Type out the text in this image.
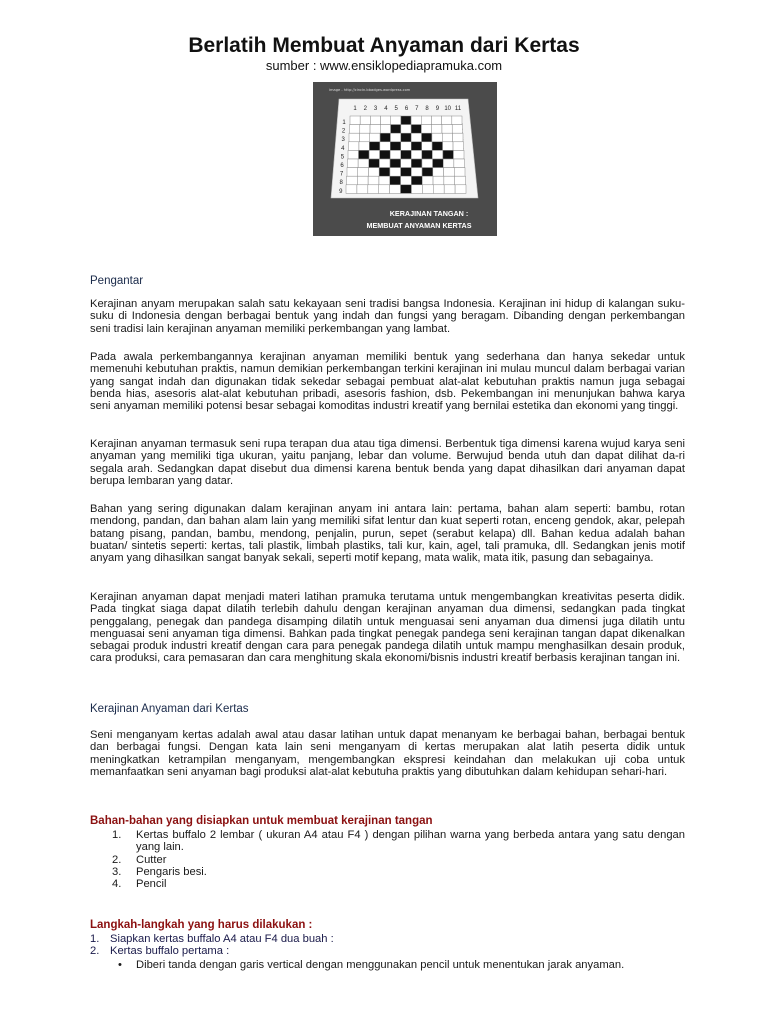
Berlatih Membuat Anyaman dari Kertas
sumber : www.ensiklopediapramuka.com
image - http://cincin.bbadges.wordpress.com
1 2 3 4 5 6 7 8 9 10 11
1
2
3
4
5
6
7
8
9
KERAJINAN TANGAN :
MEMBUAT ANYAMAN KERTAS
Pengantar

Kerajinan anyam merupakan salah satu kekayaan seni tradisi bangsa Indonesia. Kerajinan ini hidup di kalangan suku-suku di Indonesia dengan berbagai bentuk yang indah dan fungsi yang beragam. Dibanding dengan perkembangan seni tradisi lain kerajinan anyaman memiliki perkembangan yang lambat.

Pada awala perkembangannya kerajinan anyaman memiliki bentuk yang sederhana dan hanya sekedar untuk memenuhi kebutuhan praktis, namun demikian perkembangan terkini kerajinan ini mulau muncul dalam berbagai varian yang sangat indah dan digunakan tidak sekedar sebagai pembuat alat-alat kebutuhan praktis namun juga sebagai benda hias, asesoris alat-alat kebutuhan pribadi, asesoris fashion, dsb. Pekembangan ini menunjukan bahwa karya seni anyaman memiliki potensi besar sebagai komoditas industri kreatif yang bernilai estetika dan ekonomi yang tinggi.

Kerajinan anyaman termasuk seni rupa terapan dua atau tiga dimensi. Berbentuk tiga dimensi karena wujud karya seni anyaman yang memiliki tiga ukuran, yaitu panjang, lebar dan volume. Berwujud benda utuh dan dapat dilihat da-ri segala arah. Sedangkan dapat disebut dua dimensi karena bentuk benda yang dapat dihasilkan dari anyaman dapat berupa lembaran yang datar.

Bahan yang sering digunakan dalam kerajinan anyam ini antara lain: pertama, bahan alam seperti: bambu, rotan mendong, pandan, dan bahan alam lain yang memiliki sifat lentur dan kuat seperti rotan, enceng gendok, akar, pelepah batang pisang, pandan, bambu, mendong, penjalin, purun, sepet (serabut kelapa) dll. Bahan kedua adalah bahan buatan/ sintetis seperti: kertas, tali plastik, limbah plastiks, tali kur, kain, agel, tali pramuka, dll. Sedangkan jenis motif anyam yang dihasilkan sangat banyak sekali, seperti motif kepang, mata walik, mata itik, pasung dan sebagainya.

Kerajinan anyaman dapat menjadi materi latihan pramuka terutama untuk mengembangkan kreativitas peserta didik. Pada tingkat siaga dapat dilatih terlebih dahulu dengan kerajinan anyaman dua dimensi, sedangkan pada tingkat penggalang, penegak dan pandega disamping dilatih untuk menguasai seni anyaman dua dimensi juga dilatih untu menguasai seni anyaman tiga dimensi. Bahkan pada tingkat penegak pandega seni kerajinan tangan dapat dikenalkan sebagai produk industri kreatif dengan cara para penegak pandega dilatih untuk mampu menghasilkan desain produk, cara produksi, cara pemasaran dan cara menghitung skala ekonomi/bisnis industri kreatif berbasis kerajinan tangan ini.

Kerajinan Anyaman dari Kertas

Seni menganyam kertas adalah awal atau dasar latihan untuk dapat menanyam ke berbagai bahan, berbagai bentuk dan berbagai fungsi. Dengan kata lain seni menganyam di kertas merupakan alat latih peserta didik untuk meningkatkan ketrampilan menganyam, mengembangkan ekspresi keindahan dan melakukan uji coba untuk memanfaatkan seni anyaman bagi produksi alat-alat kebutuha praktis yang dibutuhkan dalam kehidupan sehari-hari.

Bahan-bahan yang disiapkan untuk membuat kerajinan tangan
1. Kertas buffalo 2 lembar ( ukuran A4 atau F4 ) dengan pilihan warna yang berbeda antara yang satu dengan yang lain.
2. Cutter
3. Pengaris besi.
4. Pencil
Langkah-langkah yang harus dilakukan :
1. Siapkan kertas buffalo A4 atau F4 dua buah :
2. Kertas buffalo pertama :
• Diberi tanda dengan garis vertical dengan menggunakan pencil untuk menentukan jarak anyaman.
